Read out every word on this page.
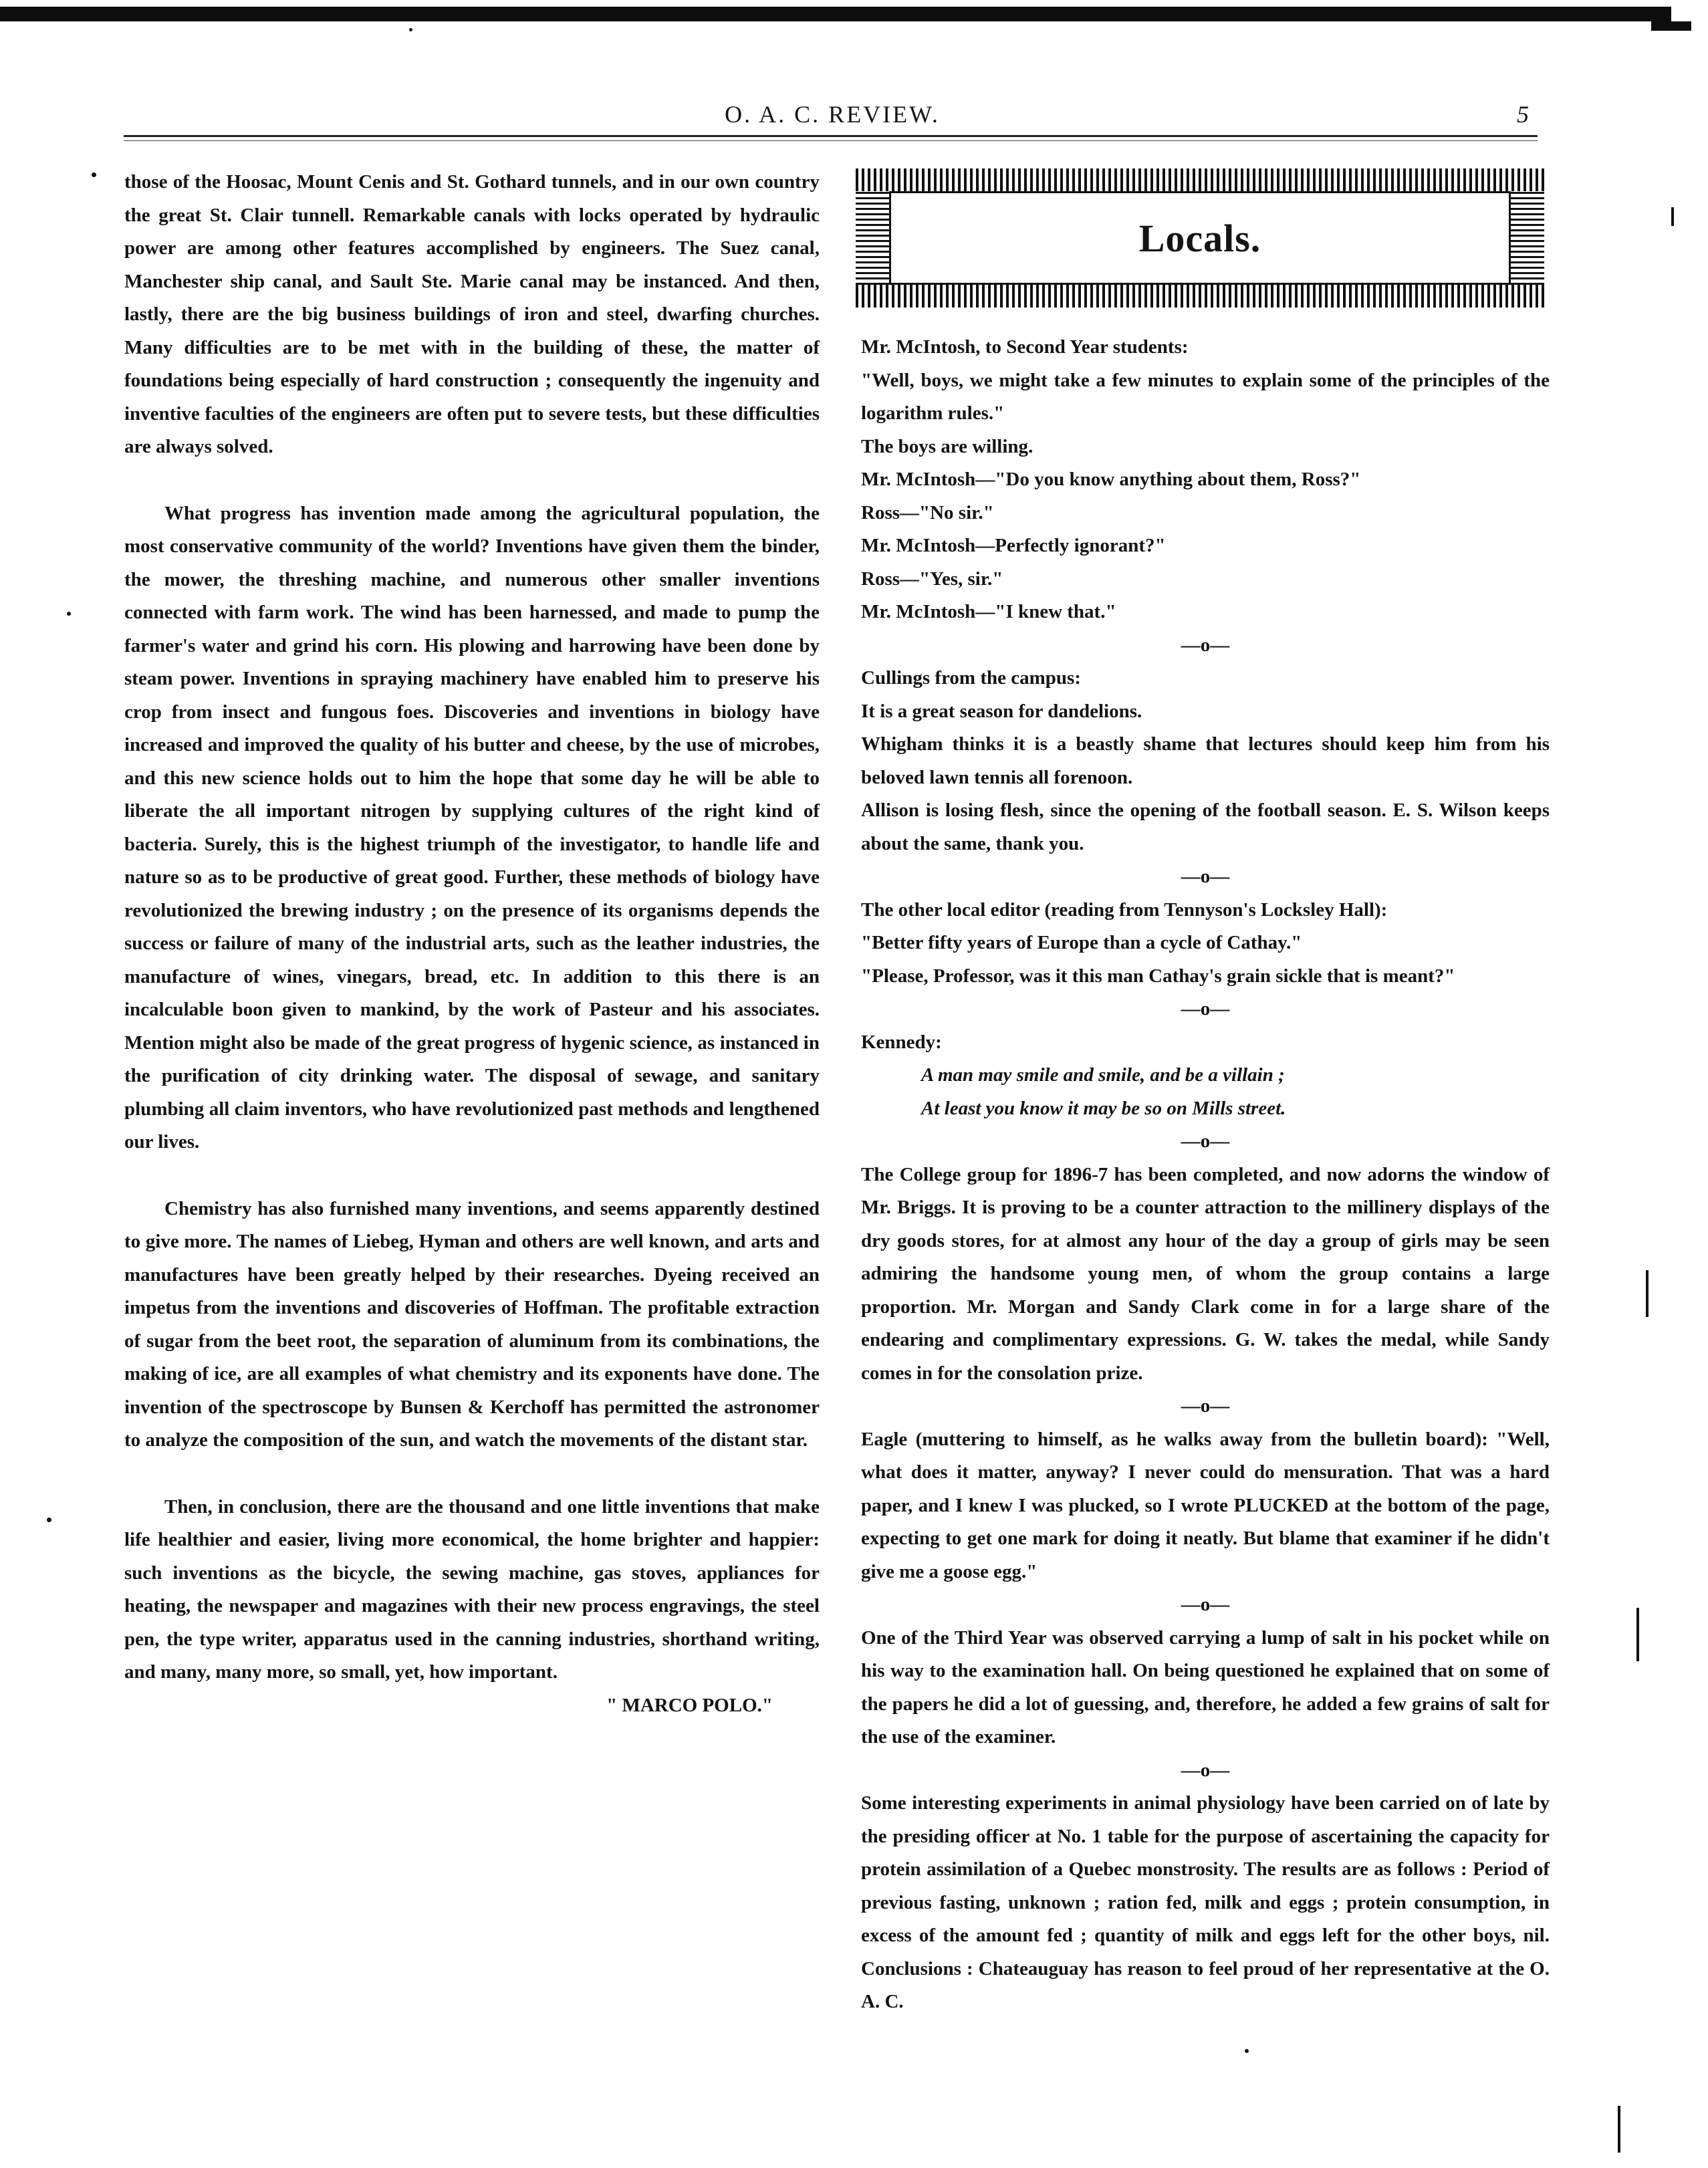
O. A. C. REVIEW.	5

those of the Hoosac, Mount Cenis and St. Gothard tunnels, and in our own country the great St. Clair tunnell. Remarkable canals with locks operated by hydraulic power are among other features accomplished by engineers. The Suez canal, Manchester ship canal, and Sault Ste. Marie canal may be instanced. And then, lastly, there are the big business buildings of iron and steel, dwarfing churches. Many difficulties are to be met with in the building of these, the matter of foundations being especially of hard construction ; consequently the ingenuity and inventive faculties of the engineers are often put to severe tests, but these difficulties are always solved.

What progress has invention made among the agricultural population, the most conservative community of the world? Inventions have given them the binder, the mower, the threshing machine, and numerous other smaller inventions connected with farm work. The wind has been harnessed, and made to pump the farmer's water and grind his corn. His plowing and harrowing have been done by steam power. Inventions in spraying machinery have enabled him to preserve his crop from insect and fungous foes. Discoveries and inventions in biology have increased and improved the quality of his butter and cheese, by the use of microbes, and this new science holds out to him the hope that some day he will be able to liberate the all important nitrogen by supplying cultures of the right kind of bacteria. Surely, this is the highest triumph of the investigator, to handle life and nature so as to be productive of great good. Further, these methods of biology have revolutionized the brewing industry ; on the presence of its organisms depends the success or failure of many of the industrial arts, such as the leather industries, the manufacture of wines, vinegars, bread, etc. In addition to this there is an incalculable boon given to mankind, by the work of Pasteur and his associates. Mention might also be made of the great progress of hygenic science, as instanced in the purification of city drinking water. The disposal of sewage, and sanitary plumbing all claim inventors, who have revolutionized past methods and lengthened our lives.

Chemistry has also furnished many inventions, and seems apparently destined to give more. The names of Liebeg, Hyman and others are well known, and arts and manufactures have been greatly helped by their researches. Dyeing received an impetus from the inventions and discoveries of Hoffman. The profitable extraction of sugar from the beet root, the separation of aluminum from its combinations, the making of ice, are all examples of what chemistry and its exponents have done. The invention of the spectroscope by Bunsen & Kerchoff has permitted the astronomer to analyze the composition of the sun, and watch the movements of the distant star.

Then, in conclusion, there are the thousand and one little inventions that make life healthier and easier, living more economical, the home brighter and happier: such inventions as the bicycle, the sewing machine, gas stoves, appliances for heating, the newspaper and magazines with their new process engravings, the steel pen, the type writer, apparatus used in the canning industries, shorthand writing, and many, many more, so small, yet, how important.

" MARCO POLO."

Locals.

Mr. McIntosh, to Second Year students:

"Well, boys, we might take a few minutes to explain some of the principles of the logarithm rules."

The boys are willing.

Mr. McIntosh—"Do you know anything about them, Ross?"

Ross—"No sir."

Mr. McIntosh—Perfectly ignorant?"

Ross—"Yes, sir."

Mr. McIntosh—"I knew that."

—o—

Cullings from the campus:

It is a great season for dandelions.

Whigham thinks it is a beastly shame that lectures should keep him from his beloved lawn tennis all forenoon.

Allison is losing flesh, since the opening of the football season. E. S. Wilson keeps about the same, thank you.

—o—

The other local editor (reading from Tennyson's Locksley Hall):

"Better fifty years of Europe than a cycle of Cathay."

"Please, Professor, was it this man Cathay's grain sickle that is meant?"

—o—

Kennedy:

A man may smile and smile, and be a villain ;

At least you know it may be so on Mills street.

—o—

The College group for 1896-7 has been completed, and now adorns the window of Mr. Briggs. It is proving to be a counter attraction to the millinery displays of the dry goods stores, for at almost any hour of the day a group of girls may be seen admiring the handsome young men, of whom the group contains a large proportion. Mr. Morgan and Sandy Clark come in for a large share of the endearing and complimentary expressions. G. W. takes the medal, while Sandy comes in for the consolation prize.

—o—

Eagle (muttering to himself, as he walks away from the bulletin board): "Well, what does it matter, anyway? I never could do mensuration. That was a hard paper, and I knew I was plucked, so I wrote PLUCKED at the bottom of the page, expecting to get one mark for doing it neatly. But blame that examiner if he didn't give me a goose egg."

—o—

One of the Third Year was observed carrying a lump of salt in his pocket while on his way to the examination hall. On being questioned he explained that on some of the papers he did a lot of guessing, and, therefore, he added a few grains of salt for the use of the examiner.

—o—

Some interesting experiments in animal physiology have been carried on of late by the presiding officer at No. 1 table for the purpose of ascertaining the capacity for protein assimilation of a Quebec monstrosity. The results are as follows : Period of previous fasting, unknown ; ration fed, milk and eggs ; protein consumption, in excess of the amount fed ; quantity of milk and eggs left for the other boys, nil. Conclusions : Chateauguay has reason to feel proud of her representative at the O. A. C.
